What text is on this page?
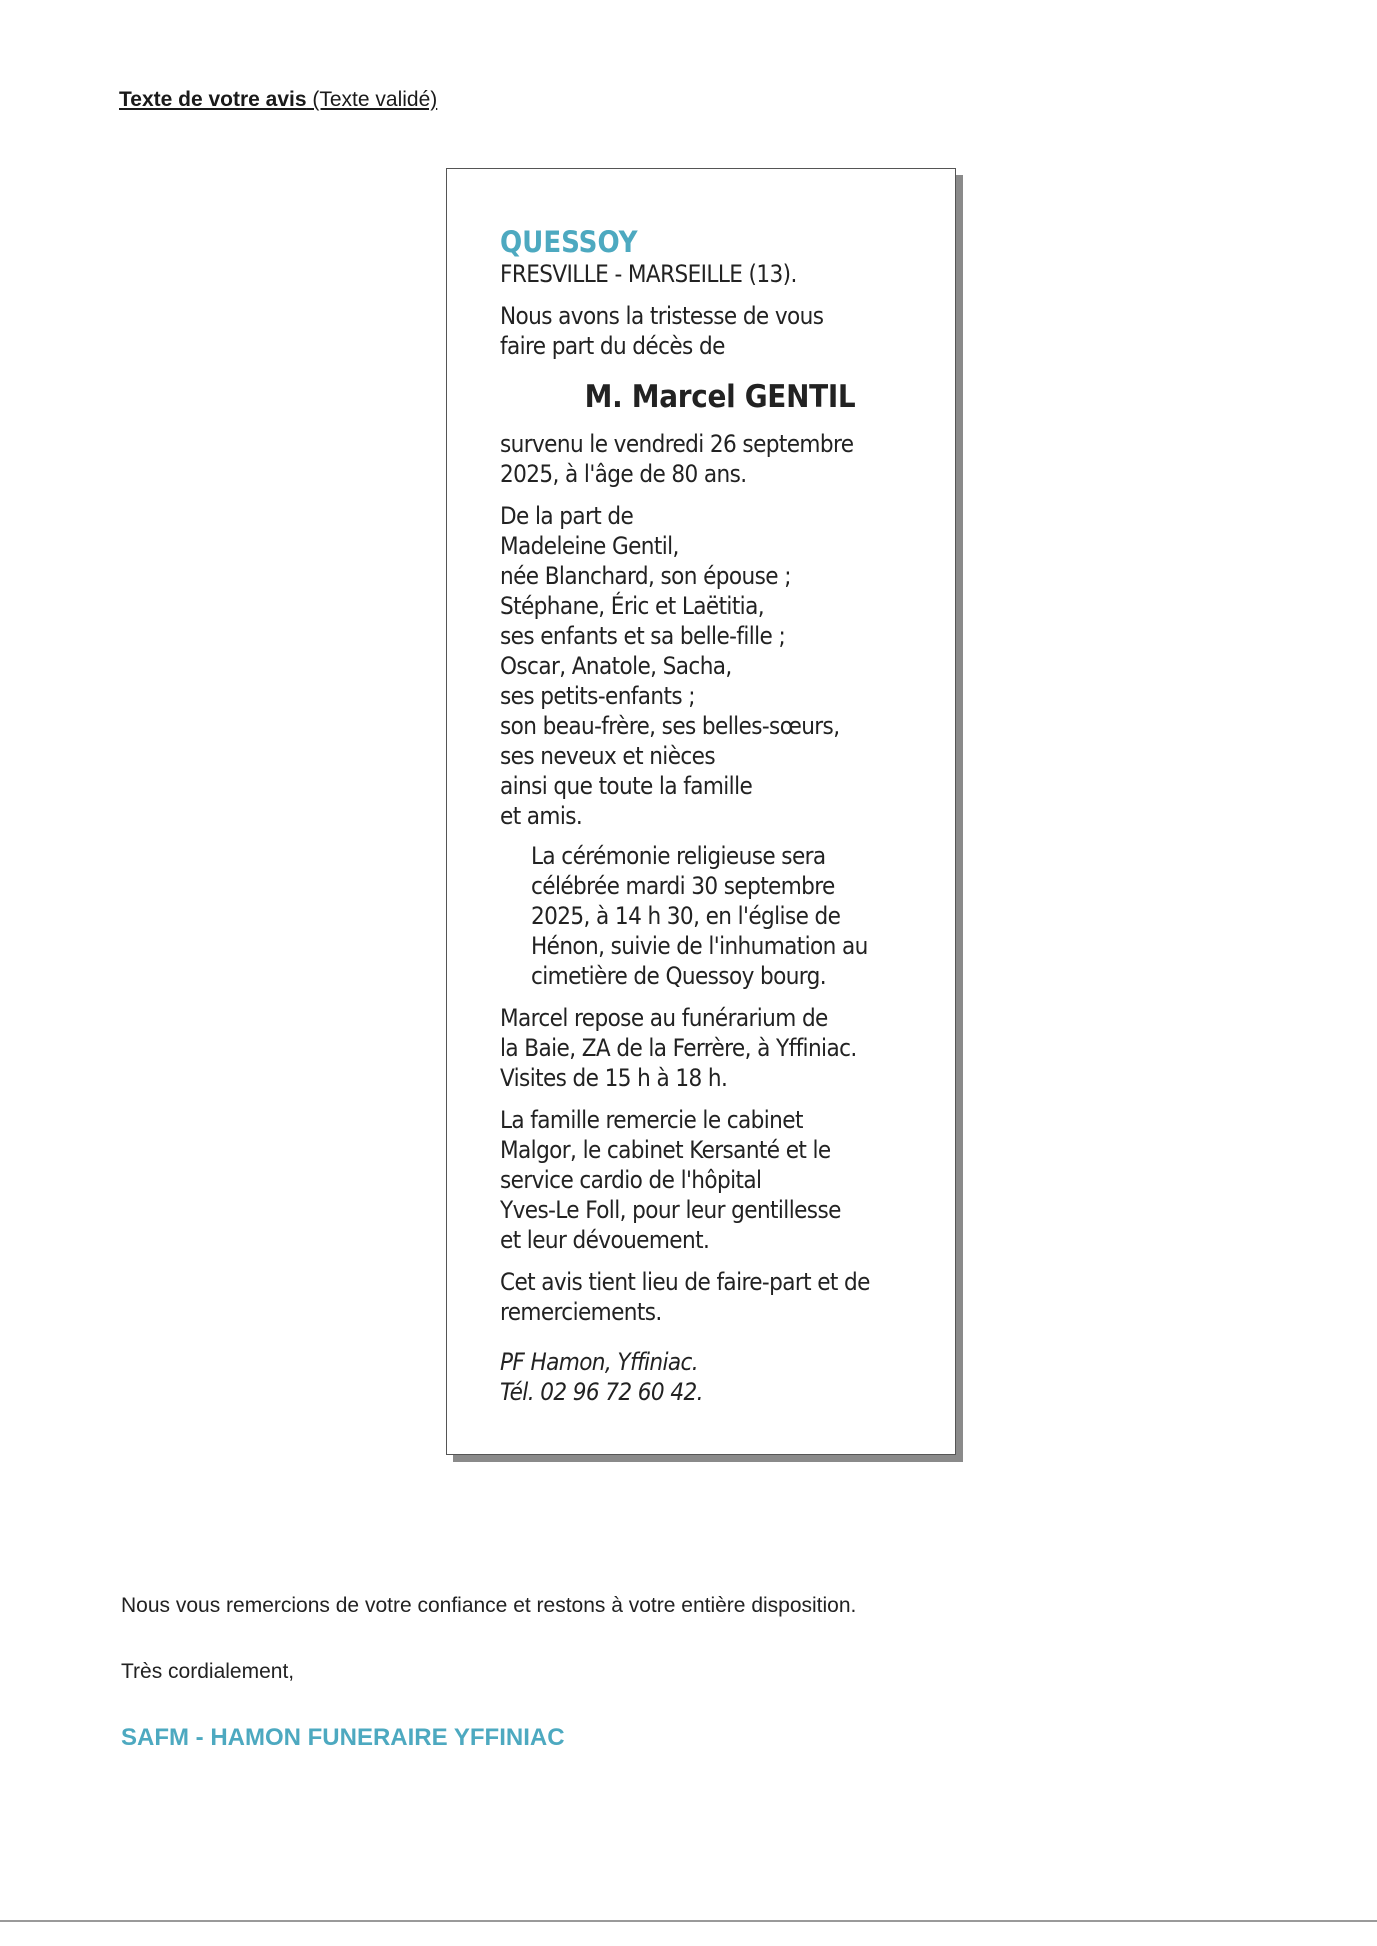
Texte de votre avis (Texte validé)
QUESSOY
FRESVILLE - MARSEILLE (13).
Nous avons la tristesse de vous
faire part du décès de
M. Marcel GENTIL
survenu le vendredi 26 septembre
2025, à l'âge de 80 ans.
De la part de
Madeleine Gentil,
née Blanchard, son épouse ;
Stéphane, Éric et Laëtitia,
ses enfants et sa belle-fille ;
Oscar, Anatole, Sacha,
ses petits-enfants ;
son beau-frère, ses belles-sœurs,
ses neveux et nièces
ainsi que toute la famille
et amis.
La cérémonie religieuse sera
célébrée mardi 30 septembre
2025, à 14 h 30, en l'église de
Hénon, suivie de l'inhumation au
cimetière de Quessoy bourg.
Marcel repose au funérarium de
la Baie, ZA de la Ferrère, à Yffiniac.
Visites de 15 h à 18 h.
La famille remercie le cabinet
Malgor, le cabinet Kersanté et le
service cardio de l'hôpital
Yves-Le Foll, pour leur gentillesse
et leur dévouement.
Cet avis tient lieu de faire-part et de
remerciements.
PF Hamon, Yffiniac.
Tél. 02 96 72 60 42.
Nous vous remercions de votre confiance et restons à votre entière disposition.
Très cordialement,
SAFM - HAMON FUNERAIRE YFFINIAC
